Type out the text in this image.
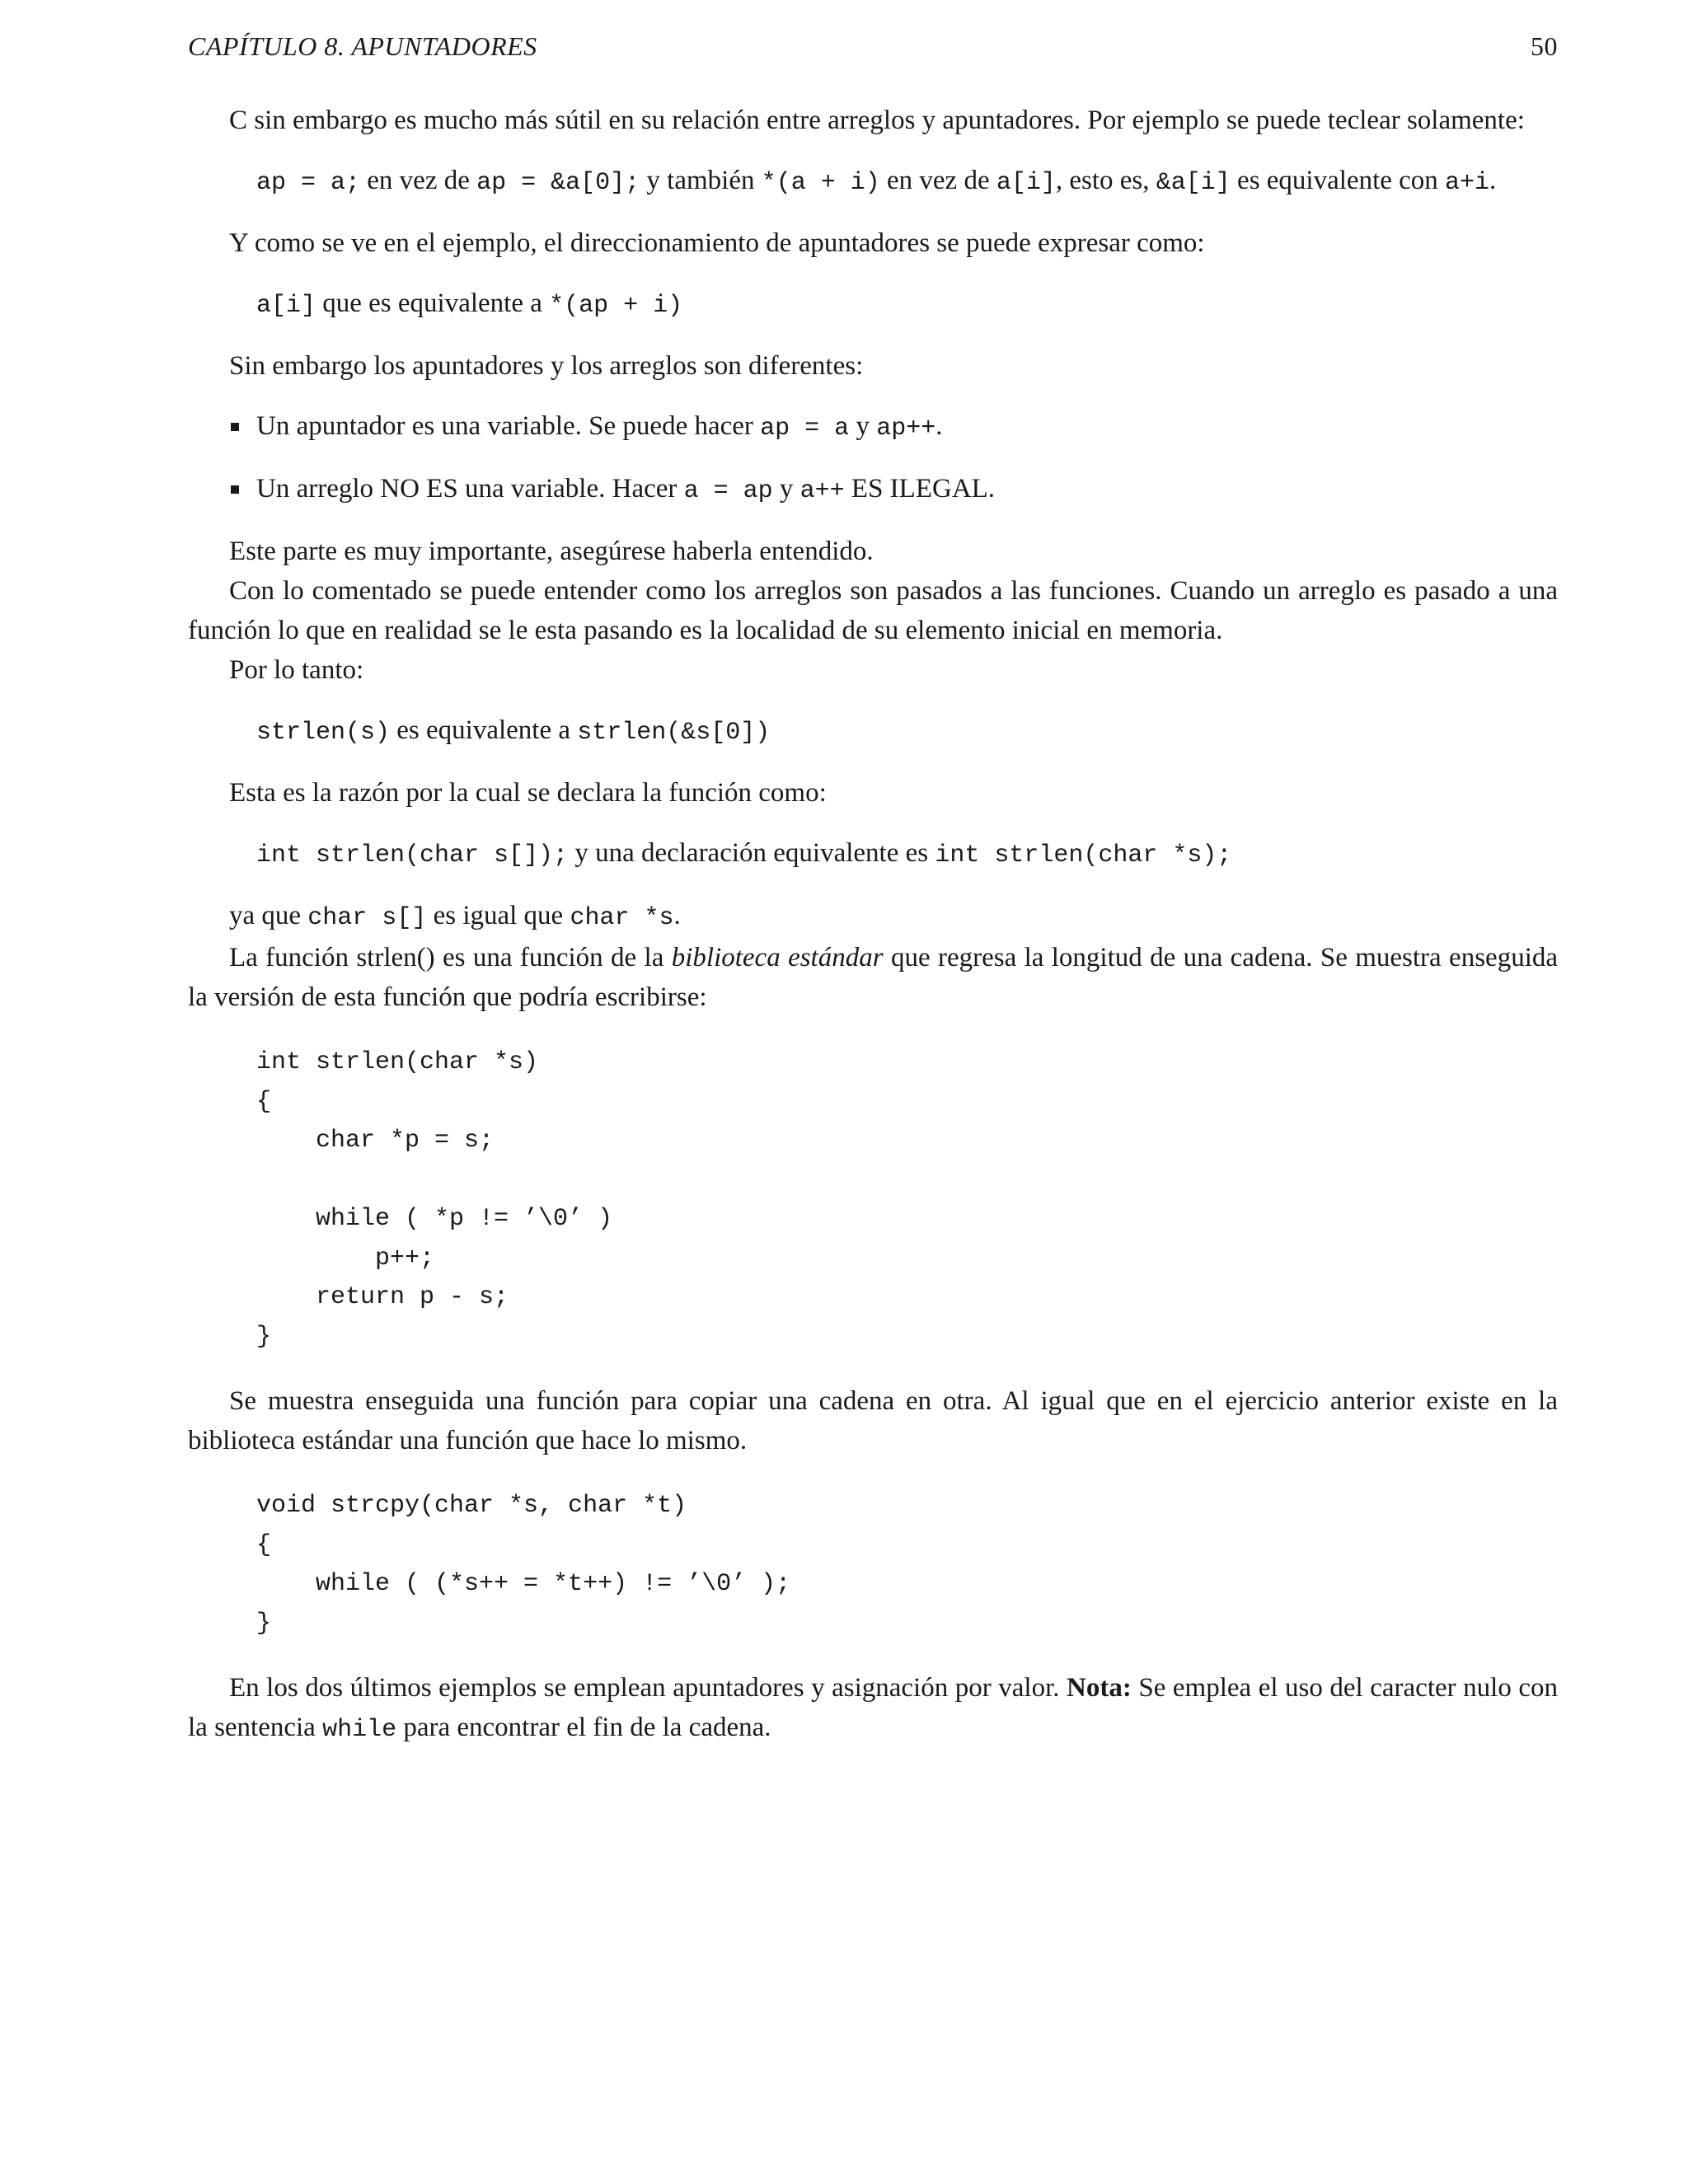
CAPÍTULO 8. APUNTADORES	50

C sin embargo es mucho más sútil en su relación entre arreglos y apuntadores. Por ejemplo se puede teclear solamente:

ap = a; en vez de ap = &a[0]; y también *(a + i) en vez de a[i], esto es, &a[i] es equivalente con a+i.

Y como se ve en el ejemplo, el direccionamiento de apuntadores se puede expresar como:

a[i] que es equivalente a *(ap + i)

Sin embargo los apuntadores y los arreglos son diferentes:

Un apuntador es una variable. Se puede hacer ap = a y ap++.
Un arreglo NO ES una variable. Hacer a = ap y a++ ES ILEGAL.

Este parte es muy importante, asegúrese haberla entendido.

Con lo comentado se puede entender como los arreglos son pasados a las funciones. Cuando un arreglo es pasado a una función lo que en realidad se le esta pasando es la localidad de su elemento inicial en memoria.

Por lo tanto:

strlen(s) es equivalente a strlen(&s[0])

Esta es la razón por la cual se declara la función como:

int strlen(char s[]); y una declaración equivalente es int strlen(char *s);

ya que char s[] es igual que char *s.

La función strlen() es una función de la biblioteca estándar que regresa la longitud de una cadena. Se muestra enseguida la versión de esta función que podría escribirse:

int strlen(char *s)
{
char *p = s;
while ( *p != ’\0’ )
p++;
return p - s;
}

Se muestra enseguida una función para copiar una cadena en otra. Al igual que en el ejercicio anterior existe en la biblioteca estándar una función que hace lo mismo.

void strcpy(char *s, char *t)
{
while ( (*s++ = *t++) != ’\0’ );
}

En los dos últimos ejemplos se emplean apuntadores y asignación por valor. Nota: Se emplea el uso del caracter nulo con la sentencia while para encontrar el fin de la cadena.
